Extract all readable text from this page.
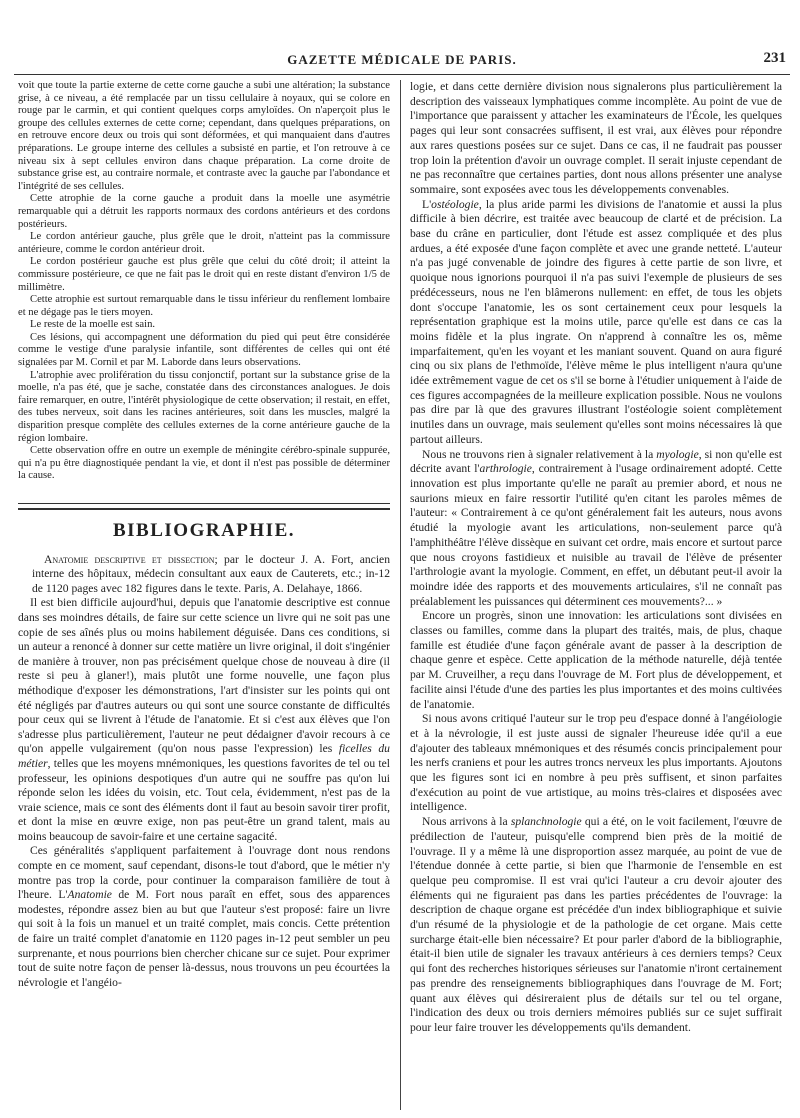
GAZETTE MÉDICALE DE PARIS.	231

voit que toute la partie externe de cette corne gauche a subi une altération; la substance grise, à ce niveau, a été remplacée par un tissu cellulaire à noyaux, qui se colore en rouge par le carmin, et qui contient quelques corps amyloïdes. On n'aperçoit plus le groupe des cellules externes de cette corne; cependant, dans quelques préparations, on en retrouve encore deux ou trois qui sont déformées, et qui manquaient dans d'autres préparations. Le groupe interne des cellules a subsisté en partie, et l'on retrouve à ce niveau six à sept cellules environ dans chaque préparation. La corne droite de substance grise est, au contraire normale, et contraste avec la gauche par l'abondance et l'intégrité de ses cellules.

Cette atrophie de la corne gauche a produit dans la moelle une asymétrie remarquable qui a détruit les rapports normaux des cordons antérieurs et des cordons postérieurs.

Le cordon antérieur gauche, plus grêle que le droit, n'atteint pas la commissure antérieure, comme le cordon antérieur droit.

Le cordon postérieur gauche est plus grêle que celui du côté droit; il atteint la commissure postérieure, ce que ne fait pas le droit qui en reste distant d'environ 1/5 de millimètre.

Cette atrophie est surtout remarquable dans le tissu inférieur du renflement lombaire et ne dégage pas le tiers moyen.

Le reste de la moelle est sain.

Ces lésions, qui accompagnent une déformation du pied qui peut être considérée comme le vestige d'une paralysie infantile, sont différentes de celles qui ont été signalées par M. Cornil et par M. Laborde dans leurs observations.

L'atrophie avec prolifération du tissu conjonctif, portant sur la substance grise de la moelle, n'a pas été, que je sache, constatée dans des circonstances analogues. Je dois faire remarquer, en outre, l'intérêt physiologique de cette observation; il restait, en effet, des tubes nerveux, soit dans les racines antérieures, soit dans les muscles, malgré la disparition presque complète des cellules externes de la corne antérieure gauche de la région lombaire.

Cette observation offre en outre un exemple de méningite cérébro-spinale suppurée, qui n'a pu être diagnostiquée pendant la vie, et dont il n'est pas possible de déterminer la cause.

BIBLIOGRAPHIE.

Anatomie descriptive et dissection; par le docteur J. A. Fort, ancien interne des hôpitaux, médecin consultant aux eaux de Cauterets, etc.; in-12 de 1120 pages avec 182 figures dans le texte. Paris, A. Delahaye, 1866.

Il est bien difficile aujourd'hui, depuis que l'anatomie descriptive est connue dans ses moindres détails, de faire sur cette science un livre qui ne soit pas une copie de ses aînés plus ou moins habilement déguisée. Dans ces conditions, si un auteur a renoncé à donner sur cette matière un livre original, il doit s'ingénier de manière à trouver, non pas précisément quelque chose de nouveau à dire (il reste si peu à glaner!), mais plutôt une forme nouvelle, une façon plus méthodique d'exposer les démonstrations, l'art d'insister sur les points qui ont été négligés par d'autres auteurs ou qui sont une source constante de difficultés pour ceux qui se livrent à l'étude de l'anatomie. Et si c'est aux élèves que l'on s'adresse plus particulièrement, l'auteur ne peut dédaigner d'avoir recours à ce qu'on appelle vulgairement (qu'on nous passe l'expression) les ficelles du métier, telles que les moyens mnémoniques, les questions favorites de tel ou tel professeur, les opinions despotiques d'un autre qui ne souffre pas qu'on lui réponde selon les idées du voisin, etc. Tout cela, évidemment, n'est pas de la vraie science, mais ce sont des éléments dont il faut au besoin savoir tirer profit, et dont la mise en œuvre exige, non pas peut-être un grand talent, mais au moins beaucoup de savoir-faire et une certaine sagacité.

Ces généralités s'appliquent parfaitement à l'ouvrage dont nous rendons compte en ce moment, sauf cependant, disons-le tout d'abord, que le métier n'y montre pas trop la corde, pour continuer la comparaison familière de tout à l'heure. L'Anatomie de M. Fort nous paraît en effet, sous des apparences modestes, répondre assez bien au but que l'auteur s'est proposé: faire un livre qui soit à la fois un manuel et un traité complet, mais concis. Cette prétention de faire un traité complet d'anatomie en 1120 pages in-12 peut sembler un peu surprenante, et nous pourrions bien chercher chicane sur ce sujet. Pour exprimer tout de suite notre façon de penser là-dessus, nous trouvons un peu écourtées la névrologie et l'angéio-

logie, et dans cette dernière division nous signalerons plus particulièrement la description des vaisseaux lymphatiques comme incomplète. Au point de vue de l'importance que paraissent y attacher les examinateurs de l'École, les quelques pages qui leur sont consacrées suffisent, il est vrai, aux élèves pour répondre aux rares questions posées sur ce sujet. Dans ce cas, il ne faudrait pas pousser trop loin la prétention d'avoir un ouvrage complet. Il serait injuste cependant de ne pas reconnaître que certaines parties, dont nous allons présenter une analyse sommaire, sont exposées avec tous les développements convenables.

L'ostéologie, la plus aride parmi les divisions de l'anatomie et aussi la plus difficile à bien décrire, est traitée avec beaucoup de clarté et de précision. La base du crâne en particulier, dont l'étude est assez compliquée et des plus ardues, a été exposée d'une façon complète et avec une grande netteté. L'auteur n'a pas jugé convenable de joindre des figures à cette partie de son livre, et quoique nous ignorions pourquoi il n'a pas suivi l'exemple de plusieurs de ses prédécesseurs, nous ne l'en blâmerons nullement: en effet, de tous les objets dont s'occupe l'anatomie, les os sont certainement ceux pour lesquels la représentation graphique est la moins utile, parce qu'elle est dans ce cas la moins fidèle et la plus ingrate. On n'apprend à connaître les os, même imparfaitement, qu'en les voyant et les maniant souvent. Quand on aura figuré cinq ou six plans de l'ethmoïde, l'élève même le plus intelligent n'aura qu'une idée extrêmement vague de cet os s'il se borne à l'étudier uniquement à l'aide de ces figures accompagnées de la meilleure explication possible. Nous ne voulons pas dire par là que des gravures illustrant l'ostéologie soient complètement inutiles dans un ouvrage, mais seulement qu'elles sont moins nécessaires là que partout ailleurs.

Nous ne trouvons rien à signaler relativement à la myologie, si non qu'elle est décrite avant l'arthrologie, contrairement à l'usage ordinairement adopté. Cette innovation est plus importante qu'elle ne paraît au premier abord, et nous ne saurions mieux en faire ressortir l'utilité qu'en citant les paroles mêmes de l'auteur: « Contrairement à ce qu'ont généralement fait les auteurs, nous avons étudié la myologie avant les articulations, non-seulement parce qu'à l'amphithéâtre l'élève dissèque en suivant cet ordre, mais encore et surtout parce que nous croyons fastidieux et nuisible au travail de l'élève de présenter l'arthrologie avant la myologie. Comment, en effet, un débutant peut-il avoir la moindre idée des rapports et des mouvements articulaires, s'il ne connaît pas préalablement les puissances qui déterminent ces mouvements?... »

Encore un progrès, sinon une innovation: les articulations sont divisées en classes ou familles, comme dans la plupart des traités, mais, de plus, chaque famille est étudiée d'une façon générale avant de passer à la description de chaque genre et espèce. Cette application de la méthode naturelle, déjà tentée par M. Cruveilher, a reçu dans l'ouvrage de M. Fort plus de développement, et facilite ainsi l'étude d'une des parties les plus importantes et des moins cultivées de l'anatomie.

Si nous avons critiqué l'auteur sur le trop peu d'espace donné à l'angéiologie et à la névrologie, il est juste aussi de signaler l'heureuse idée qu'il a eue d'ajouter des tableaux mnémoniques et des résumés concis principalement pour les nerfs craniens et pour les autres troncs nerveux les plus importants. Ajoutons que les figures sont ici en nombre à peu près suffisent, et sinon parfaites d'exécution au point de vue artistique, au moins très-claires et disposées avec intelligence.

Nous arrivons à la splanchnologie qui a été, on le voit facilement, l'œuvre de prédilection de l'auteur, puisqu'elle comprend bien près de la moitié de l'ouvrage. Il y a même là une disproportion assez marquée, au point de vue de l'étendue donnée à cette partie, si bien que l'harmonie de l'ensemble en est quelque peu compromise. Il est vrai qu'ici l'auteur a cru devoir ajouter des éléments qui ne figuraient pas dans les parties précédentes de l'ouvrage: la description de chaque organe est précédée d'un index bibliographique et suivie d'un résumé de la physiologie et de la pathologie de cet organe. Mais cette surcharge était-elle bien nécessaire? Et pour parler d'abord de la bibliographie, était-il bien utile de signaler les travaux antérieurs à ces derniers temps? Ceux qui font des recherches historiques sérieuses sur l'anatomie n'iront certainement pas prendre des renseignements bibliographiques dans l'ouvrage de M. Fort; quant aux élèves qui désireraient plus de détails sur tel ou tel organe, l'indication des deux ou trois derniers mémoires publiés sur ce sujet suffirait pour leur faire trouver les développements qu'ils demandent.
